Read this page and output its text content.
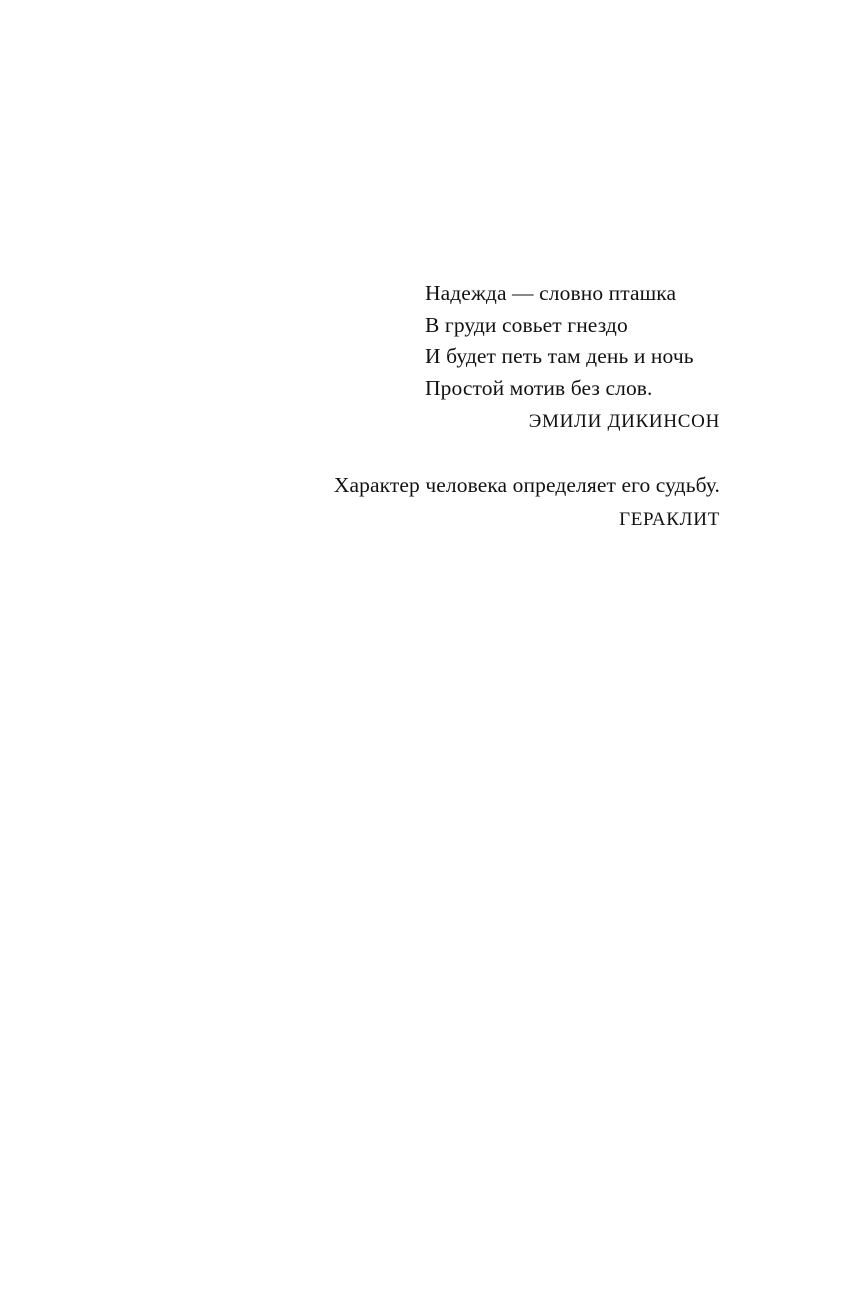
Надежда — словно пташка
В груди совьет гнездо
И будет петь там день и ночь
Простой мотив без слов.
ЭМИЛИ ДИКИНСОН
Характер человека определяет его судьбу.
ГЕРАКЛИТ
